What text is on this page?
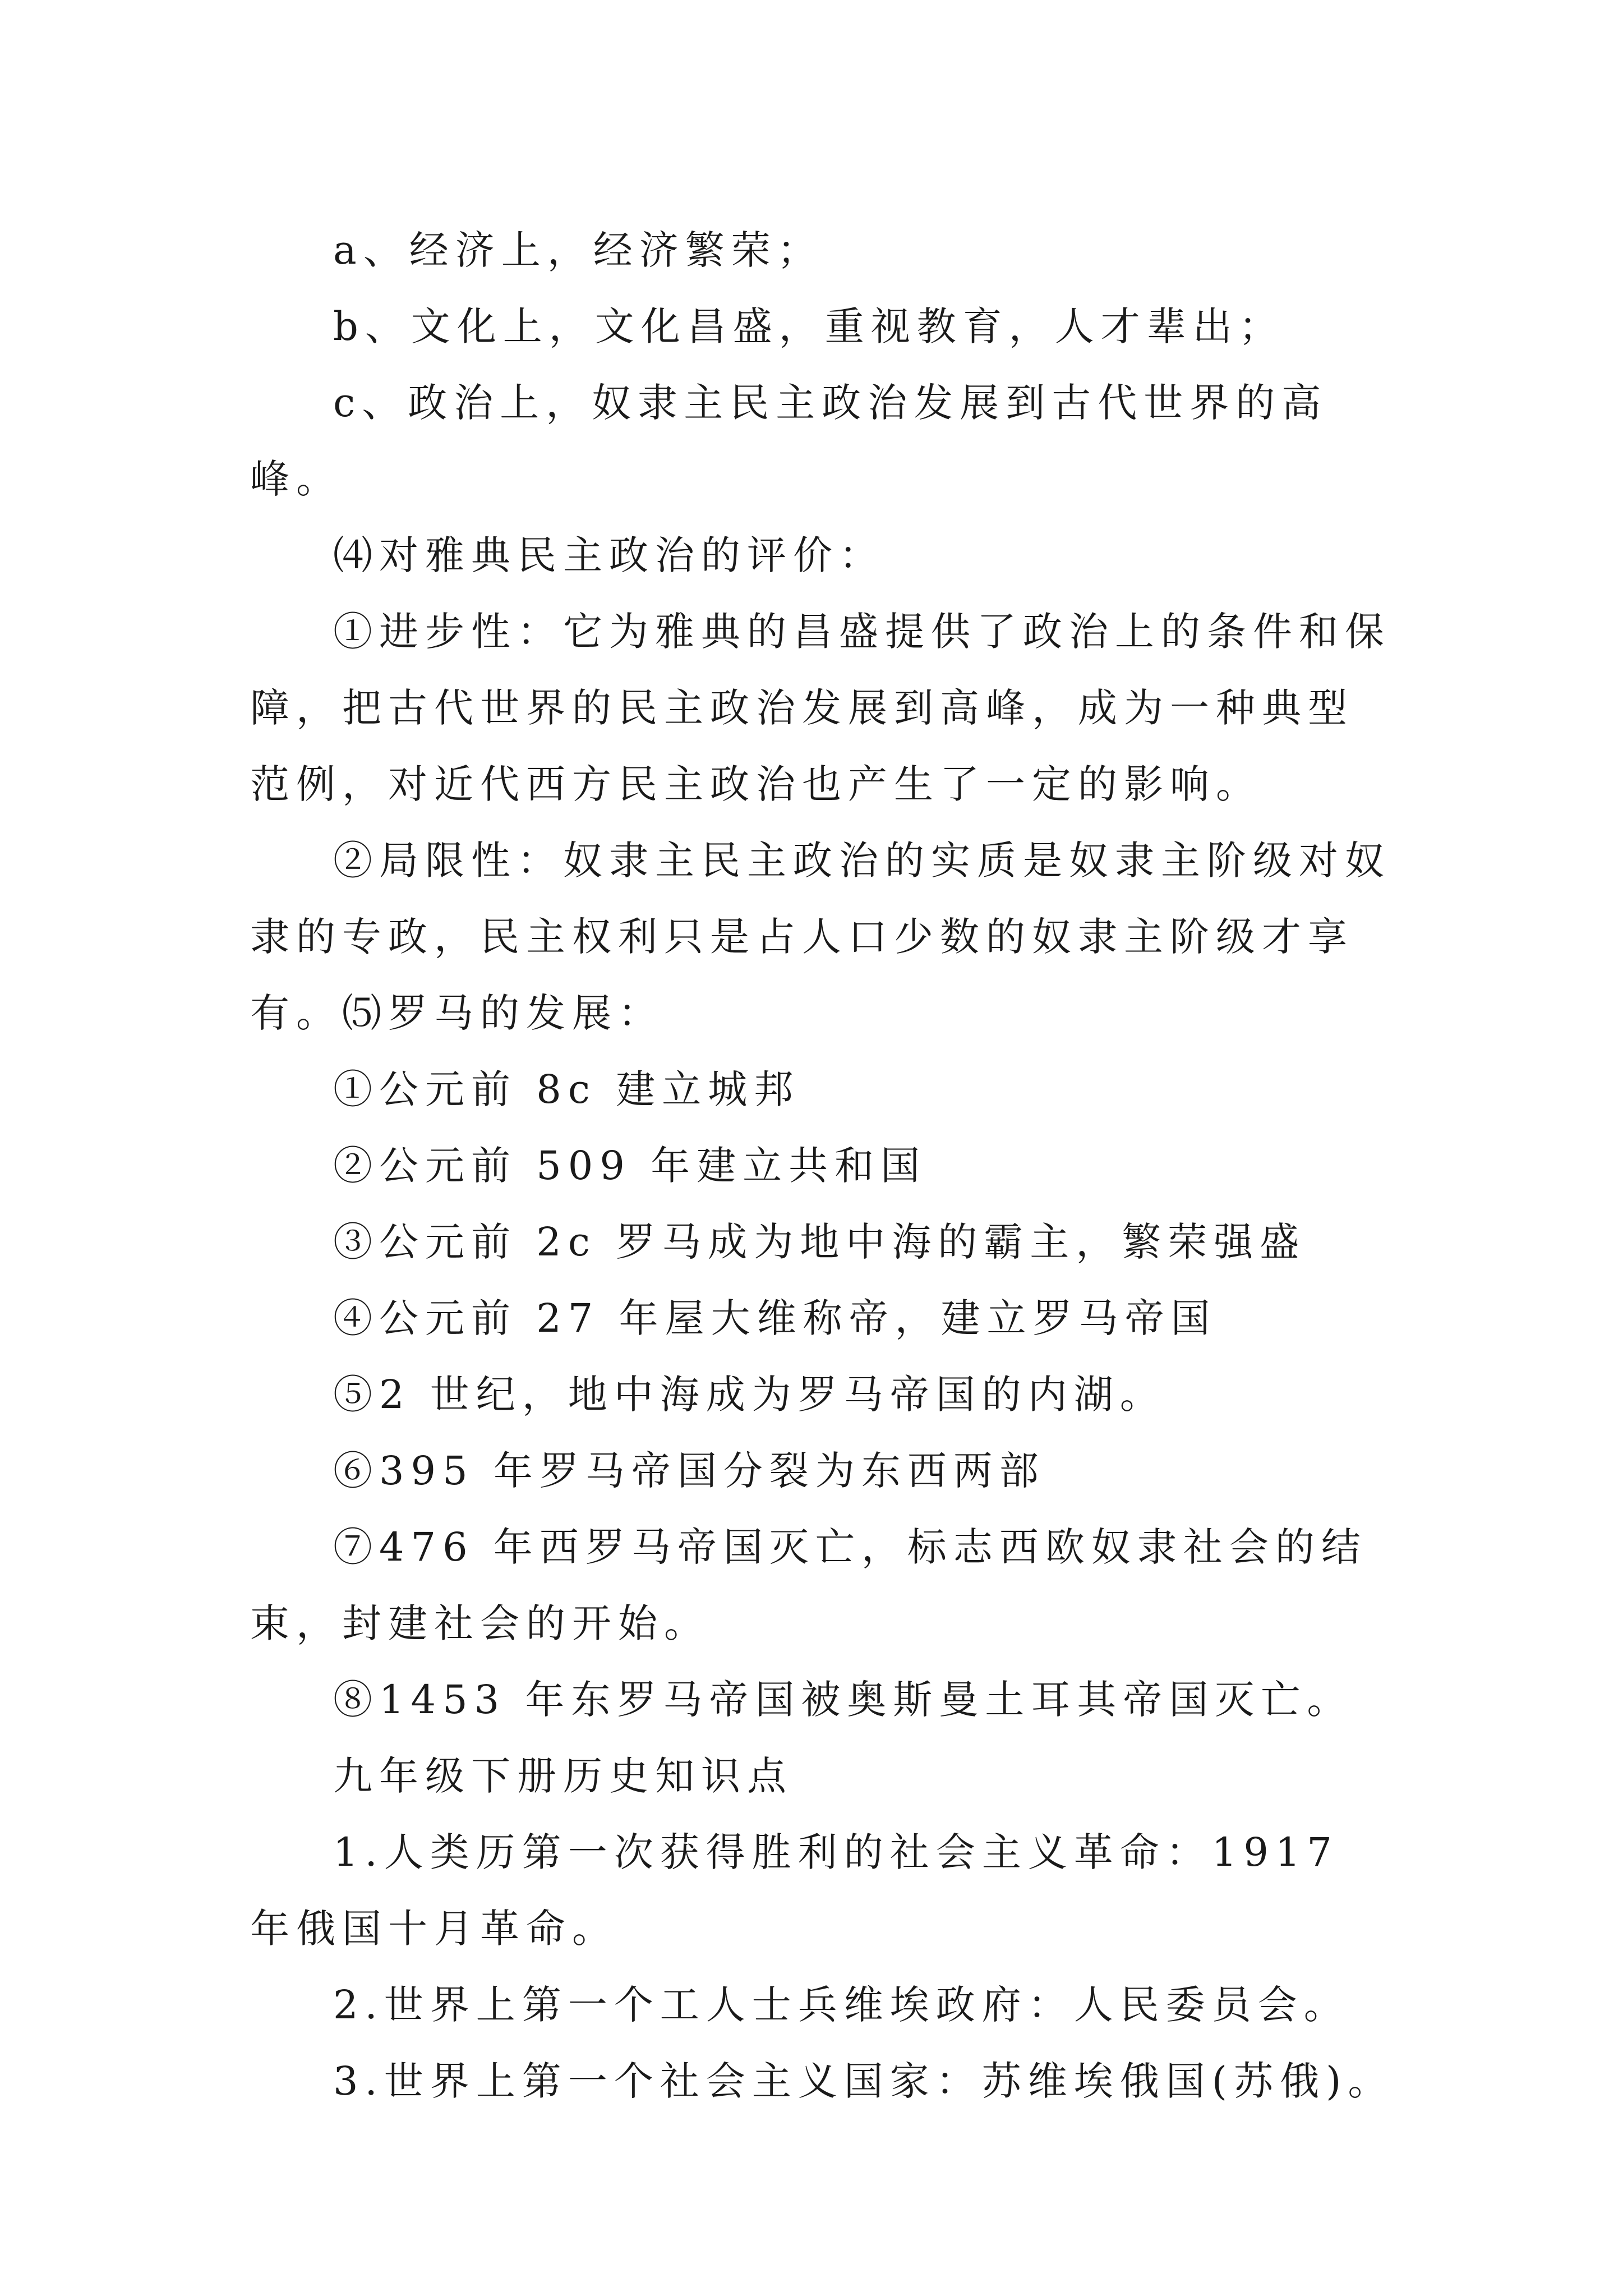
a、经济上，经济繁荣；

b、文化上，文化昌盛，重视教育，人才辈出；

c、政治上，奴隶主民主政治发展到古代世界的高峰。

⑷对雅典民主政治的评价：

①进步性：它为雅典的昌盛提供了政治上的条件和保障，把古代世界的民主政治发展到高峰，成为一种典型范例，对近代西方民主政治也产生了一定的影响。

②局限性：奴隶主民主政治的实质是奴隶主阶级对奴隶的专政，民主权利只是占人口少数的奴隶主阶级才享有。⑸罗马的发展：

①公元前 8c 建立城邦

②公元前 509 年建立共和国

③公元前 2c 罗马成为地中海的霸主，繁荣强盛

④公元前 27 年屋大维称帝，建立罗马帝国

⑤2 世纪，地中海成为罗马帝国的内湖。

⑥395 年罗马帝国分裂为东西两部

⑦476 年西罗马帝国灭亡，标志西欧奴隶社会的结束，封建社会的开始。

⑧1453 年东罗马帝国被奥斯曼土耳其帝国灭亡。

九年级下册历史知识点

1.人类历第一次获得胜利的社会主义革命：1917 年俄国十月革命。

2.世界上第一个工人士兵维埃政府：人民委员会。

3.世界上第一个社会主义国家：苏维埃俄国(苏俄)。
